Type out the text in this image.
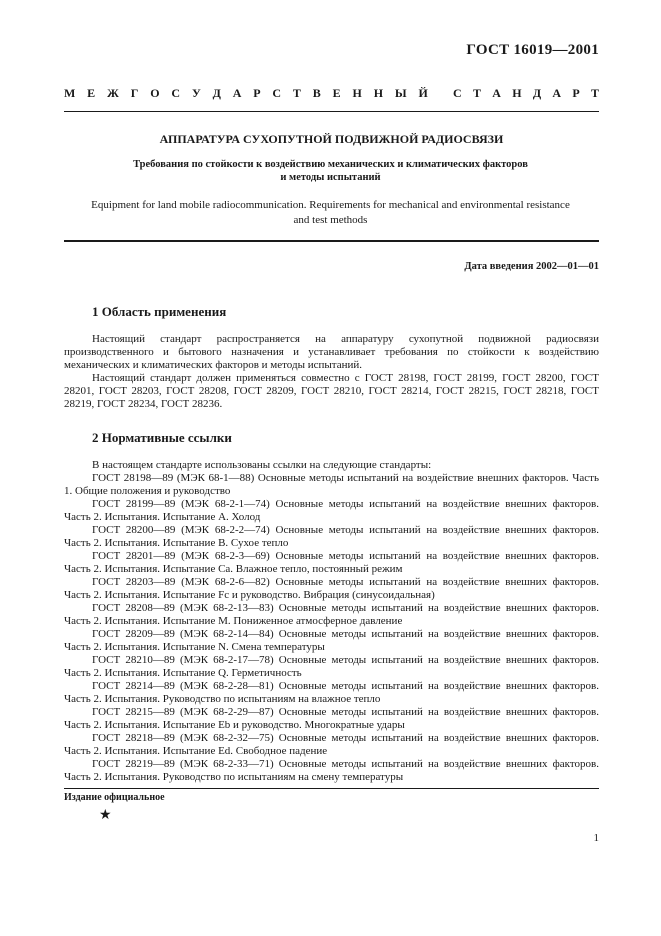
ГОСТ 16019—2001
М Е Ж Г О С У Д А Р С Т В Е Н Н Ы Й С Т А Н Д А Р Т
АППАРАТУРА СУХОПУТНОЙ ПОДВИЖНОЙ РАДИОСВЯЗИ
Требования по стойкости к воздействию механических и климатических факторов
и методы испытаний
Equipment for land mobile radiocommunication. Requirements for mechanical and environmental resistance
and test methods
Дата введения 2002—01—01
1 Область применения

Настоящий стандарт распространяется на аппаратуру сухопутной подвижной радиосвязи производственного и бытового назначения и устанавливает требования по стойкости к воздействию механических и климатических факторов и методы испытаний.

Настоящий стандарт должен применяться совместно с ГОСТ 28198, ГОСТ 28199, ГОСТ 28200, ГОСТ 28201, ГОСТ 28203, ГОСТ 28208, ГОСТ 28209, ГОСТ 28210, ГОСТ 28214, ГОСТ 28215, ГОСТ 28218, ГОСТ 28219, ГОСТ 28234, ГОСТ 28236.

2 Нормативные ссылки

В настоящем стандарте использованы ссылки на следующие стандарты:

ГОСТ 28198—89 (МЭК 68-1—88) Основные методы испытаний на воздействие внешних факторов. Часть 1. Общие положения и руководство

ГОСТ 28199—89 (МЭК 68-2-1—74) Основные методы испытаний на воздействие внешних факторов. Часть 2. Испытания. Испытание А. Холод

ГОСТ 28200—89 (МЭК 68-2-2—74) Основные методы испытаний на воздействие внешних факторов. Часть 2. Испытания. Испытание В. Сухое тепло

ГОСТ 28201—89 (МЭК 68-2-3—69) Основные методы испытаний на воздействие внешних факторов. Часть 2. Испытания. Испытание Са. Влажное тепло, постоянный режим

ГОСТ 28203—89 (МЭК 68-2-6—82) Основные методы испытаний на воздействие внешних факторов. Часть 2. Испытания. Испытание Fc и руководство. Вибрация (синусоидальная)

ГОСТ 28208—89 (МЭК 68-2-13—83) Основные методы испытаний на воздействие внешних факторов. Часть 2. Испытания. Испытание М. Пониженное атмосферное давление

ГОСТ 28209—89 (МЭК 68-2-14—84) Основные методы испытаний на воздействие внешних факторов. Часть 2. Испытания. Испытание N. Смена температуры

ГОСТ 28210—89 (МЭК 68-2-17—78) Основные методы испытаний на воздействие внешних факторов. Часть 2. Испытания. Испытание Q. Герметичность

ГОСТ 28214—89 (МЭК 68-2-28—81) Основные методы испытаний на воздействие внешних факторов. Часть 2. Испытания. Руководство по испытаниям на влажное тепло

ГОСТ 28215—89 (МЭК 68-2-29—87) Основные методы испытаний на воздействие внешних факторов. Часть 2. Испытания. Испытание Eb и руководство. Многократные удары

ГОСТ 28218—89 (МЭК 68-2-32—75) Основные методы испытаний на воздействие внешних факторов. Часть 2. Испытания. Испытание Ed. Свободное падение

ГОСТ 28219—89 (МЭК 68-2-33—71) Основные методы испытаний на воздействие внешних факторов. Часть 2. Испытания. Руководство по испытаниям на смену температуры

Издание официальное
★
1
